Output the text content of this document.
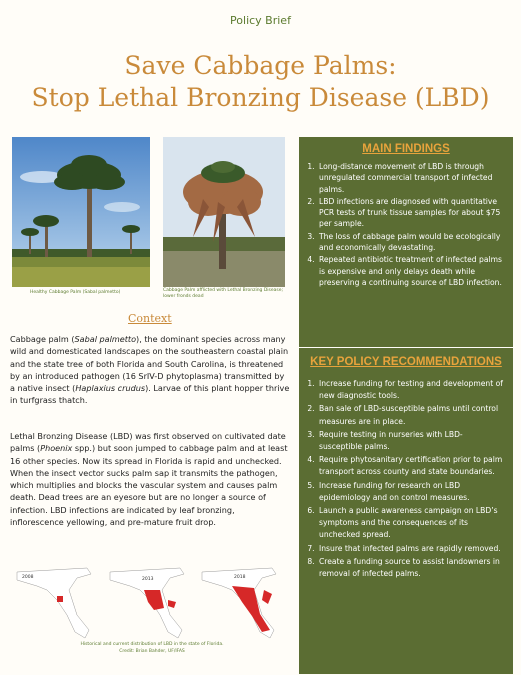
Policy Brief
Save Cabbage Palms:
Stop Lethal Bronzing Disease (LBD)
Healthy Cabbage Palm (Sabal palmetto)	Cabbage Palm afflicted with Lethal Bronzing Disease; lower fronds dead
Context

Cabbage palm (Sabal palmetto), the dominant species across many wild and domesticated landscapes on the southeastern coastal plain and the state tree of both Florida and South Carolina, is threatened by an introduced pathogen (16 SrIV-D phytoplasma) transmitted by a native insect (Haplaxius crudus). Larvae of this plant hopper thrive in turfgrass thatch.

Lethal Bronzing Disease (LBD) was first observed on cultivated date palms (Phoenix spp.) but soon jumped to cabbage palm and at least 16 other species. Now its spread in Florida is rapid and unchecked. When the insect vector sucks palm sap it transmits the pathogen, which multiplies and blocks the vascular system and causes palm death. Dead trees are an eyesore but are no longer a source of infection. LBD infections are indicated by leaf bronzing, inflorescence yellowing, and pre-mature fruit drop.

2008	2013	2018
Historical and current distribution of LBD in the state of Florida.
Credit: Brian Bahder, UF/IFAS
MAIN FINDINGS
1. Long-distance movement of LBD is through unregulated commercial transport of infected palms.
2. LBD infections are diagnosed with quantitative PCR tests of trunk tissue samples for about $75 per sample.
3. The loss of cabbage palm would be ecologically and economically devastating.
4. Repeated antibiotic treatment of infected palms is expensive and only delays death while preserving a continuing source of LBD infection.
KEY POLICY RECOMMENDATIONS
1. Increase funding for testing and development of new diagnostic tools.
2. Ban sale of LBD-susceptible palms until control measures are in place.
3. Require testing in nurseries with LBD-susceptible palms.
4. Require phytosanitary certification prior to palm transport across county and state boundaries.
5. Increase funding for research on LBD epidemiology and on control measures.
6. Launch a public awareness campaign on LBD’s symptoms and the consequences of its unchecked spread.
7. Insure that infected palms are rapidly removed.
8. Create a funding source to assist landowners in removal of infected palms.
